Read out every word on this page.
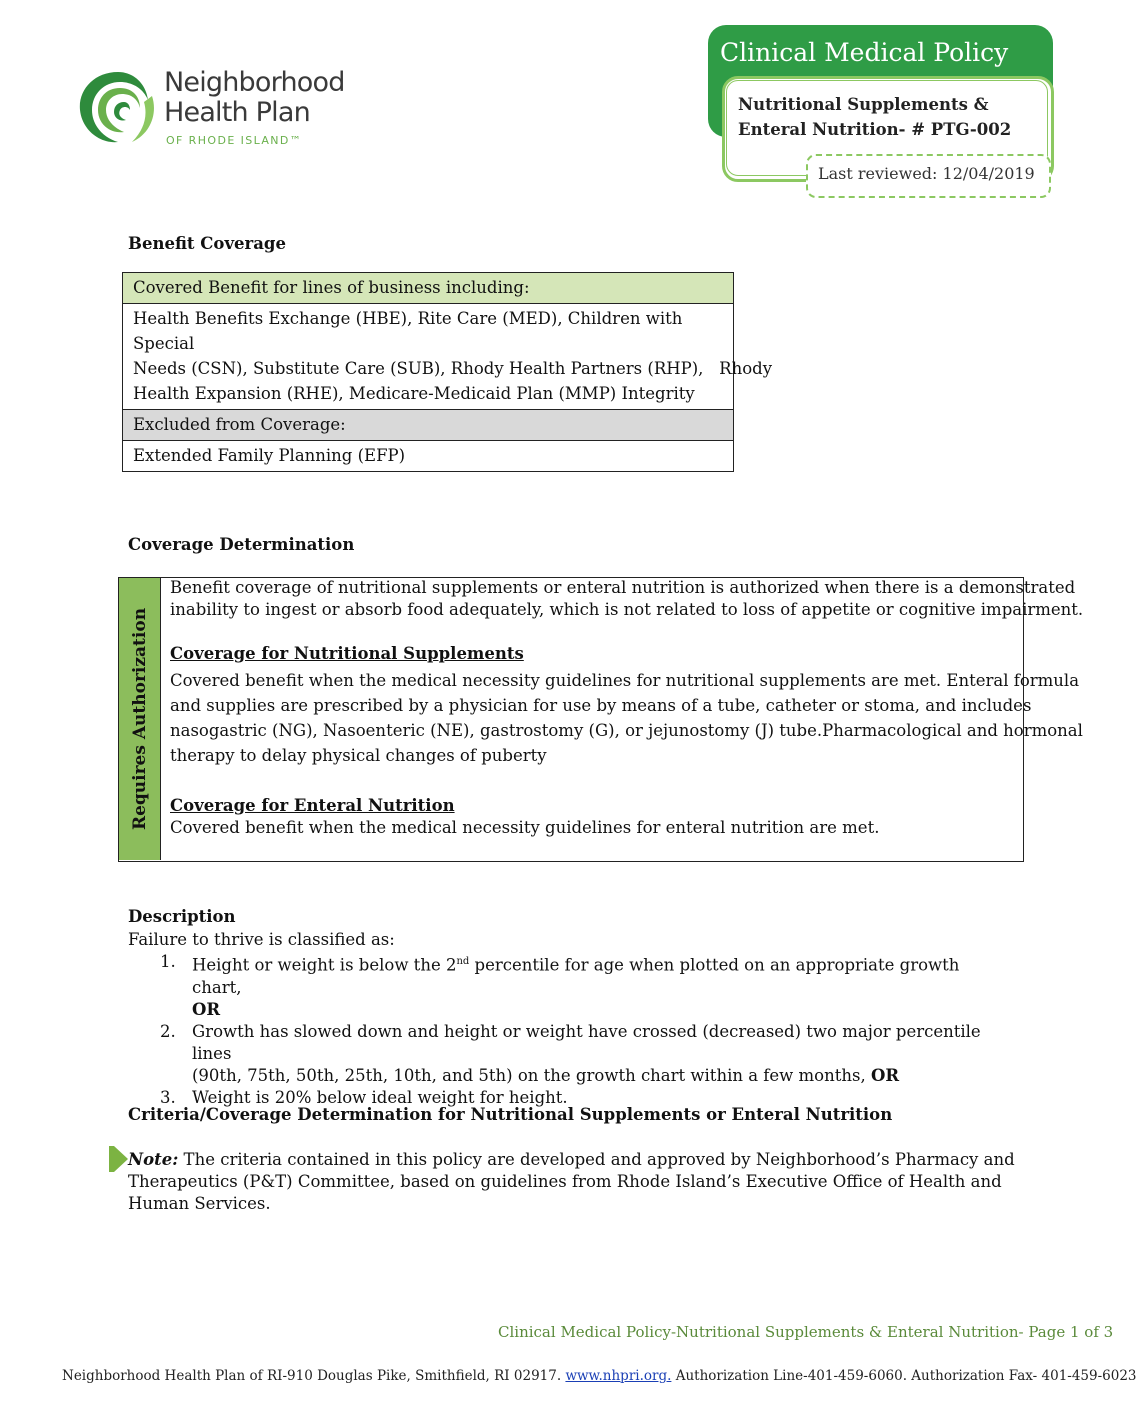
Neighborhood
Health Plan
OF RHODE ISLAND™
Clinical Medical Policy
Nutritional Supplements &
Enteral Nutrition- # PTG-002
Last reviewed: 12/04/2019
Benefit Coverage
Covered Benefit for lines of business including:
Health Benefits Exchange (HBE), Rite Care (MED), Children with Special
Needs (CSN), Substitute Care (SUB), Rhody Health Partners (RHP),   Rhody
Health Expansion (RHE), Medicare-Medicaid Plan (MMP) Integrity
Excluded from Coverage:
Extended Family Planning (EFP)
Coverage Determination
Requires Authorization
Benefit coverage of nutritional supplements or enteral nutrition is authorized when there is a demonstrated
inability to ingest or absorb food adequately, which is not related to loss of appetite or cognitive impairment.
Coverage for Nutritional Supplements
Covered benefit when the medical necessity guidelines for nutritional supplements are met. Enteral formula
and supplies are prescribed by a physician for use by means of a tube, catheter or stoma, and includes
nasogastric (NG), Nasoenteric (NE), gastrostomy (G), or jejunostomy (J) tube.Pharmacological and hormonal
therapy to delay physical changes of puberty
Coverage for Enteral Nutrition
Covered benefit when the medical necessity guidelines for enteral nutrition are met.
Description
Failure to thrive is classified as:
1. Height or weight is below the 2nd percentile for age when plotted on an appropriate growth chart,
OR
2. Growth has slowed down and height or weight have crossed (decreased) two major percentile lines
(90th, 75th, 50th, 25th, 10th, and 5th) on the growth chart within a few months, OR
3. Weight is 20% below ideal weight for height.
Criteria/Coverage Determination for Nutritional Supplements or Enteral Nutrition
Note: The criteria contained in this policy are developed and approved by Neighborhood’s Pharmacy and
Therapeutics (P&T) Committee, based on guidelines from Rhode Island’s Executive Office of Health and
Human Services.
Clinical Medical Policy-Nutritional Supplements & Enteral Nutrition- Page 1 of 3
Neighborhood Health Plan of RI-910 Douglas Pike, Smithfield, RI 02917. www.nhpri.org. Authorization Line-401-459-6060. Authorization Fax- 401-459-6023
